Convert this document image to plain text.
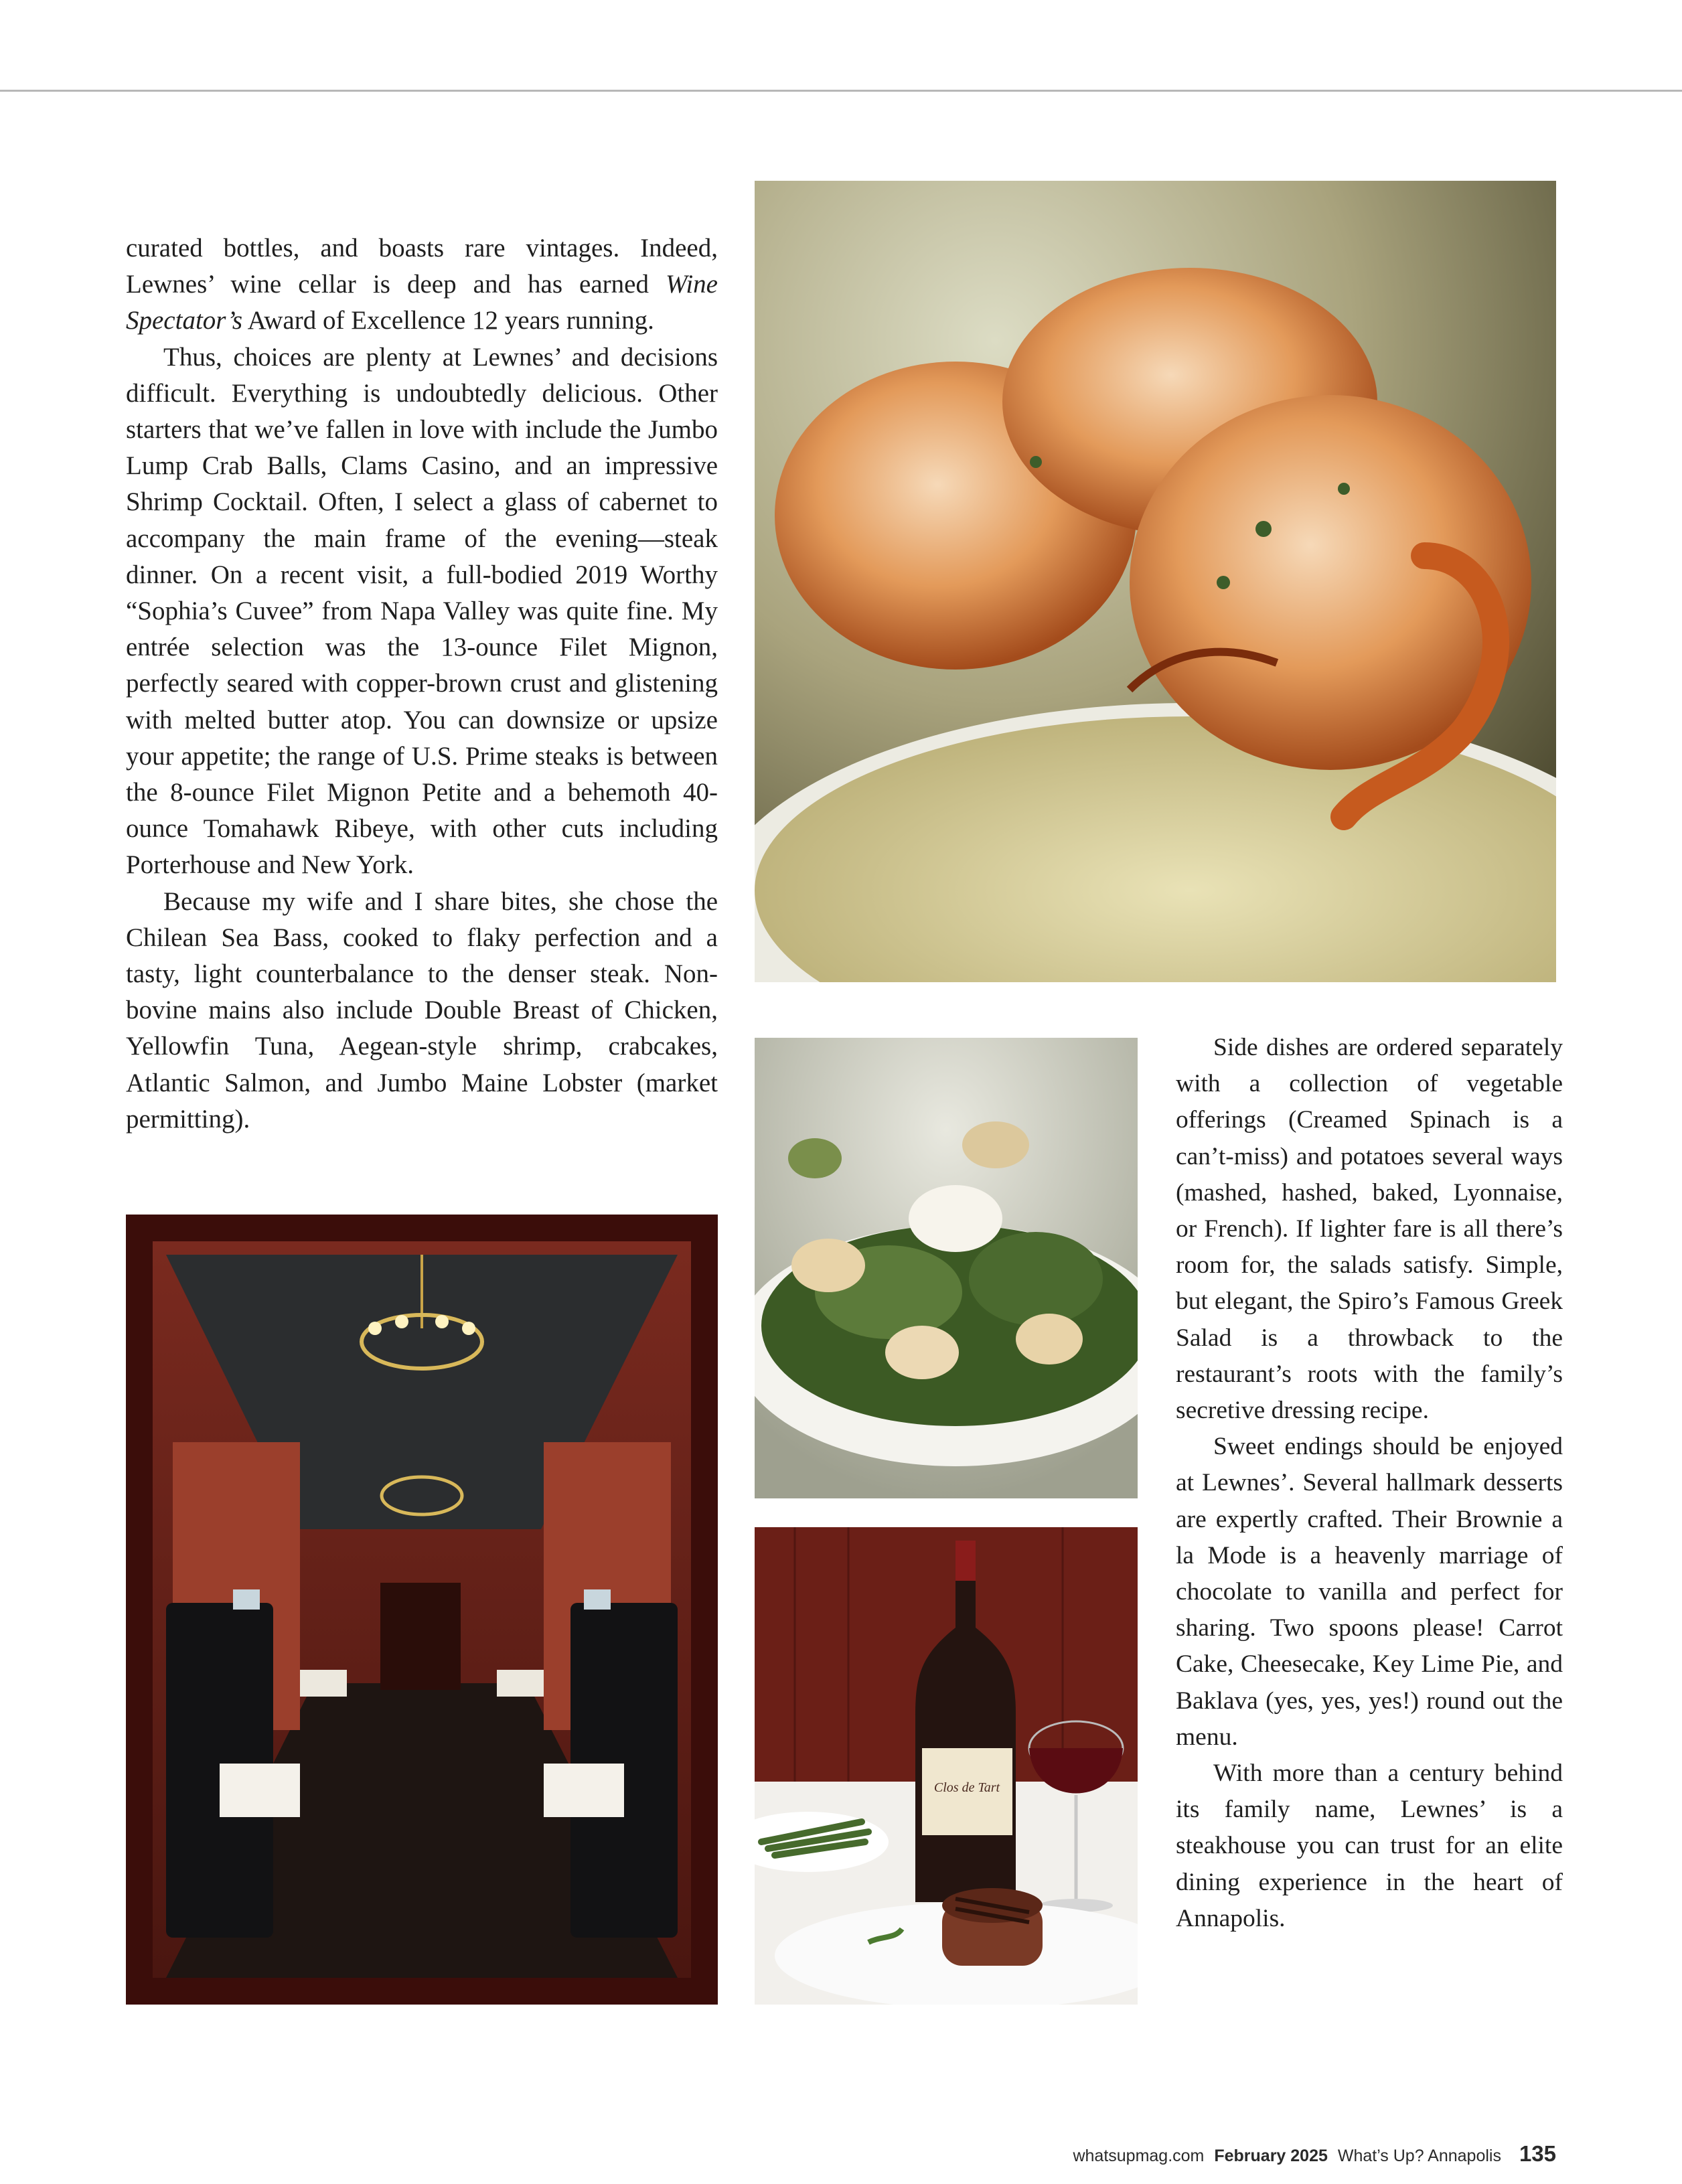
curated bottles, and boasts rare vintages. Indeed, Lewnes’ wine cellar is deep and has earned Wine Spectator’s Award of Excellence 12 years running.

Thus, choices are plenty at Lewnes’ and decisions difficult. Everything is undoubtedly delicious. Other starters that we’ve fallen in love with include the Jumbo Lump Crab Balls, Clams Casino, and an impressive Shrimp Cocktail. Often, I select a glass of cabernet to accompany the main frame of the evening—steak dinner. On a recent visit, a full-bodied 2019 Worthy “Sophia’s Cuvee” from Napa Valley was quite fine. My entrée selection was the 13-ounce Filet Mignon, perfectly seared with copper-brown crust and glistening with melted butter atop. You can downsize or upsize your appetite; the range of U.S. Prime steaks is between the 8-ounce Filet Mignon Petite and a behemoth 40-ounce Tomahawk Ribeye, with other cuts including Porterhouse and New York.

Because my wife and I share bites, she chose the Chilean Sea Bass, cooked to flaky perfection and a tasty, light counterbalance to the denser steak. Non-bovine mains also include Double Breast of Chicken, Yellowfin Tuna, Aegean-style shrimp, crabcakes, Atlantic Salmon, and Jumbo Maine Lobster (market permitting).

Side dishes are ordered separately with a collection of vegetable offerings (Creamed Spinach is a can’t-miss) and potatoes several ways (mashed, hashed, baked, Lyonnaise, or French). If lighter fare is all there’s room for, the salads satisfy. Simple, but elegant, the Spiro’s Famous Greek Salad is a throwback to the restaurant’s roots with the family’s secretive dressing recipe.

Sweet endings should be enjoyed at Lewnes’. Several hallmark desserts are expertly crafted. Their Brownie a la Mode is a heavenly marriage of chocolate to vanilla and perfect for sharing. Two spoons please! Carrot Cake, Cheesecake, Key Lime Pie, and Baklava (yes, yes, yes!) round out the menu.

With more than a century behind its family name, Lewnes’ is a steakhouse you can trust for an elite dining experience in the heart of Annapolis.

Clos de Tart
whatsupmag.com February 2025 What’s Up? Annapolis 135
